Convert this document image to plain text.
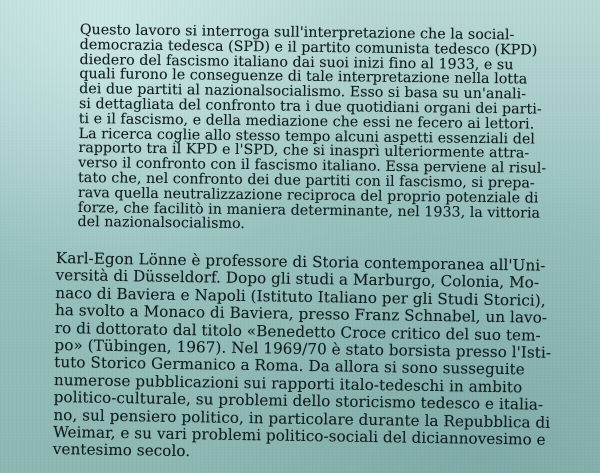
Questo lavoro si interroga sull'interpretazione che la social-
democrazia tedesca (SPD) e il partito comunista tedesco (KPD)
diedero del fascismo italiano dai suoi inizi fino al 1933, e su
quali furono le conseguenze di tale interpretazione nella lotta
dei due partiti al nazionalsocialismo. Esso si basa su un'anali-
si dettagliata del confronto tra i due quotidiani organi dei parti-
ti e il fascismo, e della mediazione che essi ne fecero ai lettori.
La ricerca coglie allo stesso tempo alcuni aspetti essenziali del
rapporto tra il KPD e l'SPD, che si inasprì ulteriormente attra-
verso il confronto con il fascismo italiano. Essa perviene al risul-
tato che, nel confronto dei due partiti con il fascismo, si prepa-
rava quella neutralizzazione reciproca del proprio potenziale di
forze, che facilitò in maniera determinante, nel 1933, la vittoria
del nazionalsocialismo.
Karl-Egon Lönne è professore di Storia contemporanea all'Uni-
versità di Düsseldorf. Dopo gli studi a Marburgo, Colonia, Mo-
naco di Baviera e Napoli (Istituto Italiano per gli Studi Storici),
ha svolto a Monaco di Baviera, presso Franz Schnabel, un lavo-
ro di dottorato dal titolo «Benedetto Croce critico del suo tem-
po» (Tübingen, 1967). Nel 1969/70 è stato borsista presso l'Isti-
tuto Storico Germanico a Roma. Da allora si sono susseguite
numerose pubblicazioni sui rapporti italo-tedeschi in ambito
politico-culturale, su problemi dello storicismo tedesco e italia-
no, sul pensiero politico, in particolare durante la Repubblica di
Weimar, e su vari problemi politico-sociali del diciannovesimo e
ventesimo secolo.
